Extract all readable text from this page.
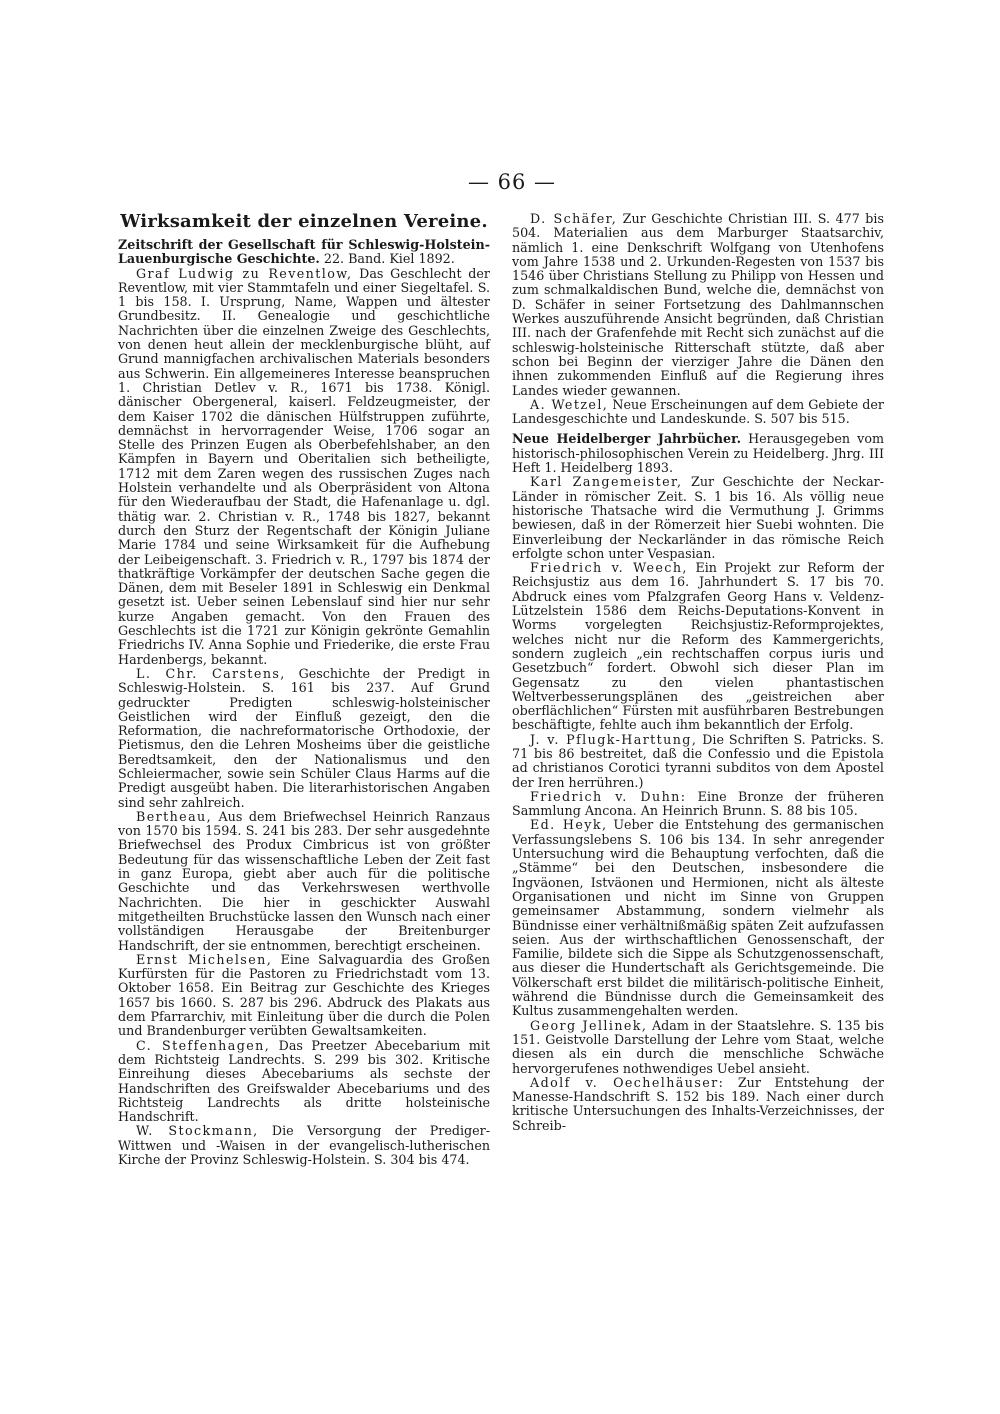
— 66 —
Wirksamkeit der einzelnen Vereine.

Zeitschrift der Gesellschaft für Schleswig-Holstein-Lauenburgische Geschichte. 22. Band. Kiel 1892.

Graf Ludwig zu Reventlow, Das Geschlecht der Reventlow, mit vier Stammtafeln und einer Siegeltafel. S. 1 bis 158. I. Ursprung, Name, Wappen und ältester Grundbesitz. II. Genealogie und geschichtliche Nachrichten über die einzelnen Zweige des Geschlechts, von denen heut allein der mecklenburgische blüht, auf Grund mannigfachen archivalischen Materials besonders aus Schwerin. Ein allgemeineres Interesse beanspruchen 1. Christian Detlev v. R., 1671 bis 1738. Königl. dänischer Obergeneral, kaiserl. Feldzeugmeister, der dem Kaiser 1702 die dänischen Hülfstruppen zuführte, demnächst in hervorragender Weise, 1706 sogar an Stelle des Prinzen Eugen als Oberbefehlshaber, an den Kämpfen in Bayern und Oberitalien sich betheiligte, 1712 mit dem Zaren wegen des russischen Zuges nach Holstein verhandelte und als Oberpräsident von Altona für den Wiederaufbau der Stadt, die Hafenanlage u. dgl. thätig war. 2. Christian v. R., 1748 bis 1827, bekannt durch den Sturz der Regentschaft der Königin Juliane Marie 1784 und seine Wirksamkeit für die Aufhebung der Leibeigenschaft. 3. Friedrich v. R., 1797 bis 1874 der thatkräftige Vorkämpfer der deutschen Sache gegen die Dänen, dem mit Beseler 1891 in Schleswig ein Denkmal gesetzt ist. Ueber seinen Lebenslauf sind hier nur sehr kurze Angaben gemacht. Von den Frauen des Geschlechts ist die 1721 zur Königin gekrönte Gemahlin Friedrichs IV. Anna Sophie und Friederike, die erste Frau Hardenbergs, bekannt.

L. Chr. Carstens, Geschichte der Predigt in Schleswig-Holstein. S. 161 bis 237. Auf Grund gedruckter Predigten schleswig-holsteinischer Geistlichen wird der Einfluß gezeigt, den die Reformation, die nachreformatorische Orthodoxie, der Pietismus, den die Lehren Mosheims über die geistliche Beredtsamkeit, den der Nationalismus und den Schleiermacher, sowie sein Schüler Claus Harms auf die Predigt ausgeübt haben. Die literarhistorischen Angaben sind sehr zahlreich.

Bertheau, Aus dem Briefwechsel Heinrich Ranzaus von 1570 bis 1594. S. 241 bis 283. Der sehr ausgedehnte Briefwechsel des Produx Cimbricus ist von größter Bedeutung für das wissenschaftliche Leben der Zeit fast in ganz Europa, giebt aber auch für die politische Geschichte und das Verkehrswesen werthvolle Nachrichten. Die hier in geschickter Auswahl mitgetheilten Bruchstücke lassen den Wunsch nach einer vollständigen Herausgabe der Breitenburger Handschrift, der sie entnommen, berechtigt erscheinen.

Ernst Michelsen, Eine Salvaguardia des Großen Kurfürsten für die Pastoren zu Friedrichstadt vom 13. Oktober 1658. Ein Beitrag zur Geschichte des Krieges 1657 bis 1660. S. 287 bis 296. Abdruck des Plakats aus dem Pfarrarchiv, mit Einleitung über die durch die Polen und Brandenburger verübten Gewaltsamkeiten.

C. Steffenhagen, Das Preetzer Abecebarium mit dem Richtsteig Landrechts. S. 299 bis 302. Kritische Einreihung dieses Abecebariums als sechste der Handschriften des Greifswalder Abecebariums und des Richtsteig Landrechts als dritte holsteinische Handschrift.

W. Stockmann, Die Versorgung der Prediger-Wittwen und -Waisen in der evangelisch-lutherischen Kirche der Provinz Schleswig-Holstein. S. 304 bis 474.

D. Schäfer, Zur Geschichte Christian III. S. 477 bis 504. Materialien aus dem Marburger Staatsarchiv, nämlich 1. eine Denkschrift Wolfgang von Utenhofens vom Jahre 1538 und 2. Urkunden-Regesten von 1537 bis 1546 über Christians Stellung zu Philipp von Hessen und zum schmalkaldischen Bund, welche die, demnächst von D. Schäfer in seiner Fortsetzung des Dahlmannschen Werkes auszuführende Ansicht begründen, daß Christian III. nach der Grafenfehde mit Recht sich zunächst auf die schleswig-holsteinische Ritterschaft stützte, daß aber schon bei Beginn der vierziger Jahre die Dänen den ihnen zukommenden Einfluß auf die Regierung ihres Landes wieder gewannen.

A. Wetzel, Neue Erscheinungen auf dem Gebiete der Landesgeschichte und Landeskunde. S. 507 bis 515.

Neue Heidelberger Jahrbücher. Herausgegeben vom historisch-philosophischen Verein zu Heidelberg. Jhrg. III Heft 1. Heidelberg 1893.

Karl Zangemeister, Zur Geschichte der Neckar-Länder in römischer Zeit. S. 1 bis 16. Als völlig neue historische Thatsache wird die Vermuthung J. Grimms bewiesen, daß in der Römerzeit hier Suebi wohnten. Die Einverleibung der Neckarländer in das römische Reich erfolgte schon unter Vespasian.

Friedrich v. Weech, Ein Projekt zur Reform der Reichsjustiz aus dem 16. Jahrhundert S. 17 bis 70. Abdruck eines vom Pfalzgrafen Georg Hans v. Veldenz-Lützelstein 1586 dem Reichs-Deputations-Konvent in Worms vorgelegten Reichsjustiz-Reformprojektes, welches nicht nur die Reform des Kammergerichts, sondern zugleich „ein rechtschaffen corpus iuris und Gesetzbuch“ fordert. Obwohl sich dieser Plan im Gegensatz zu den vielen phantastischen Weltverbesserungsplänen des „geistreichen aber oberflächlichen“ Fürsten mit ausführbaren Bestrebungen beschäftigte, fehlte auch ihm bekanntlich der Erfolg.

J. v. Pflugk-Harttung, Die Schriften S. Patricks. S. 71 bis 86 bestreitet, daß die Confessio und die Epistola ad christianos Corotici tyranni subditos von dem Apostel der Iren herrühren.)

Friedrich v. Duhn: Eine Bronze der früheren Sammlung Ancona. An Heinrich Brunn. S. 88 bis 105.

Ed. Heyk, Ueber die Entstehung des germanischen Verfassungslebens S. 106 bis 134. In sehr anregender Untersuchung wird die Behauptung verfochten, daß die „Stämme“ bei den Deutschen, insbesondere die Ingväonen, Istväonen und Hermionen, nicht als älteste Organisationen und nicht im Sinne von Gruppen gemeinsamer Abstammung, sondern vielmehr als Bündnisse einer verhältnißmäßig späten Zeit aufzufassen seien. Aus der wirthschaftlichen Genossenschaft, der Familie, bildete sich die Sippe als Schutzgenossenschaft, aus dieser die Hundertschaft als Gerichtsgemeinde. Die Völkerschaft erst bildet die militärisch-politische Einheit, während die Bündnisse durch die Gemeinsamkeit des Kultus zusammengehalten werden.

Georg Jellinek, Adam in der Staatslehre. S. 135 bis 151. Geistvolle Darstellung der Lehre vom Staat, welche diesen als ein durch die menschliche Schwäche hervorgerufenes nothwendiges Uebel ansieht.

Adolf v. Oechelhäuser: Zur Entstehung der Manesse-Handschrift S. 152 bis 189. Nach einer durch kritische Untersuchungen des Inhalts-Verzeichnisses, der Schreib-
